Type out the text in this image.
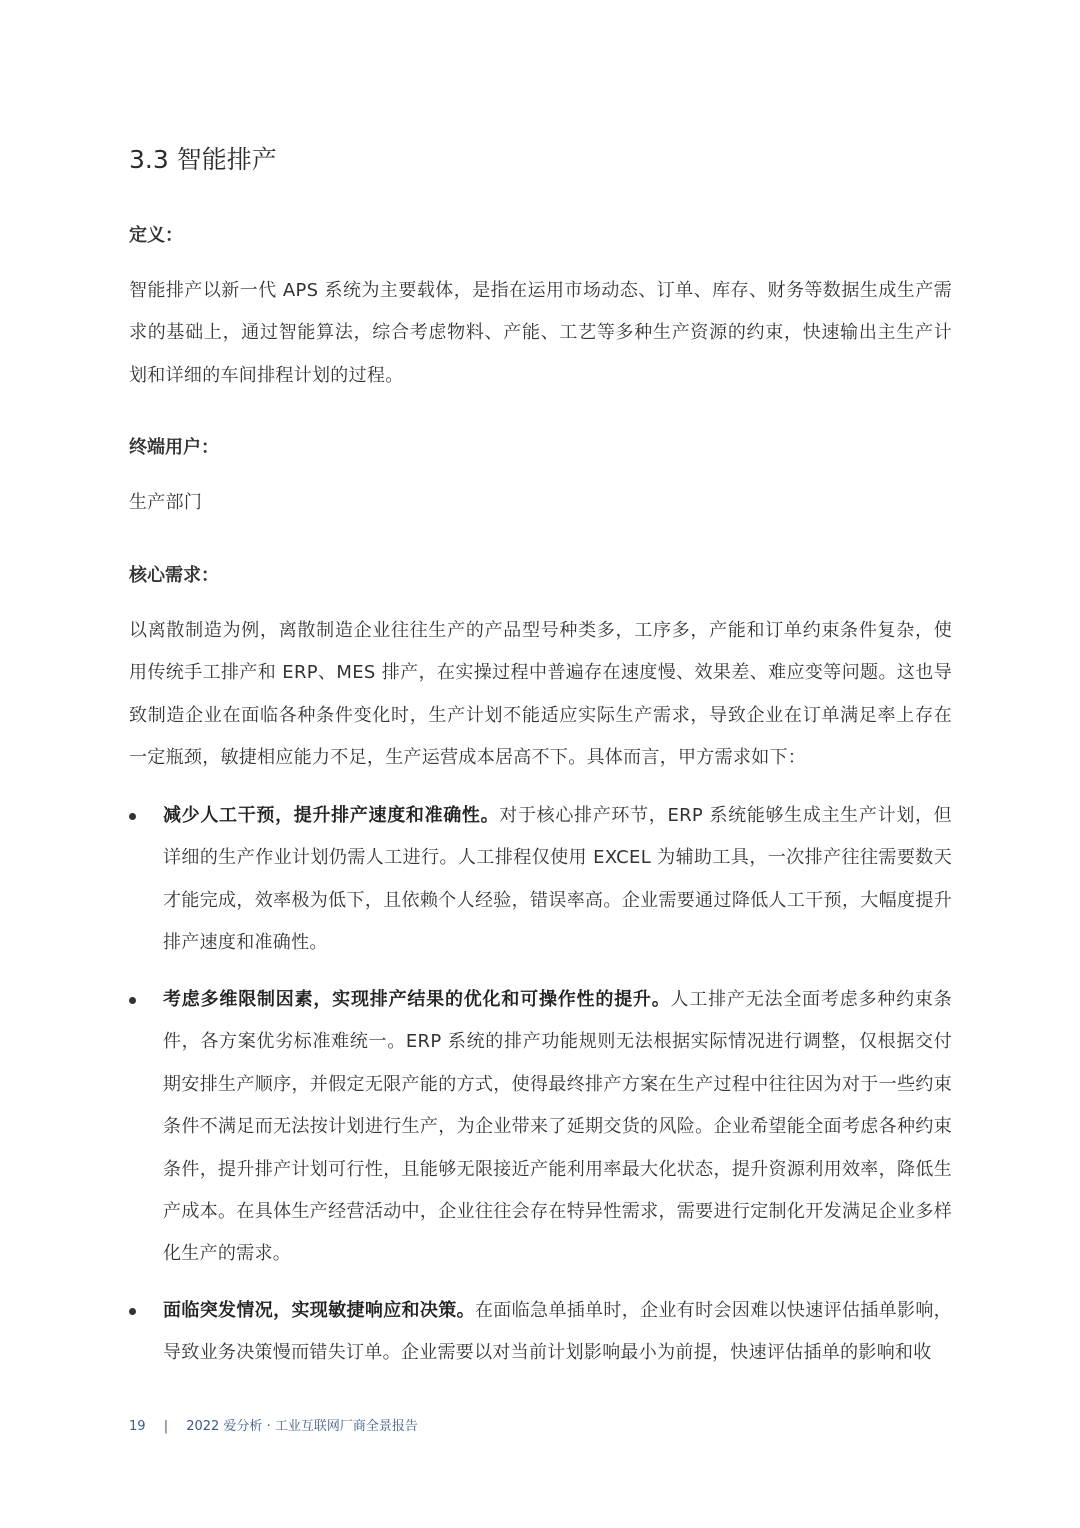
3.3 智能排产
定义：
智能排产以新一代 APS 系统为主要载体，是指在运用市场动态、订单、库存、财务等数据生成生产需求的基础上，通过智能算法，综合考虑物料、产能、工艺等多种生产资源的约束，快速输出主生产计划和详细的车间排程计划的过程。
终端用户：
生产部门
核心需求：
以离散制造为例，离散制造企业往往生产的产品型号种类多，工序多，产能和订单约束条件复杂，使用传统手工排产和 ERP、MES 排产，在实操过程中普遍存在速度慢、效果差、难应变等问题。这也导致制造企业在面临各种条件变化时，生产计划不能适应实际生产需求，导致企业在订单满足率上存在一定瓶颈，敏捷相应能力不足，生产运营成本居高不下。具体而言，甲方需求如下：
减少人工干预，提升排产速度和准确性。对于核心排产环节，ERP 系统能够生成主生产计划，但详细的生产作业计划仍需人工进行。人工排程仅使用 EXCEL 为辅助工具，一次排产往往需要数天才能完成，效率极为低下，且依赖个人经验，错误率高。企业需要通过降低人工干预，大幅度提升排产速度和准确性。
考虑多维限制因素，实现排产结果的优化和可操作性的提升。人工排产无法全面考虑多种约束条件，各方案优劣标准难统一。ERP 系统的排产功能规则无法根据实际情况进行调整，仅根据交付期安排生产顺序，并假定无限产能的方式，使得最终排产方案在生产过程中往往因为对于一些约束条件不满足而无法按计划进行生产，为企业带来了延期交货的风险。企业希望能全面考虑各种约束条件，提升排产计划可行性，且能够无限接近产能利用率最大化状态，提升资源利用效率，降低生产成本。在具体生产经营活动中，企业往往会存在特异性需求，需要进行定制化开发满足企业多样化生产的需求。
面临突发情况，实现敏捷响应和决策。在面临急单插单时，企业有时会因难以快速评估插单影响，导致业务决策慢而错失订单。企业需要以对当前计划影响最小为前提，快速评估插单的影响和收
19 | 2022 爱分析 · 工业互联网厂商全景报告
